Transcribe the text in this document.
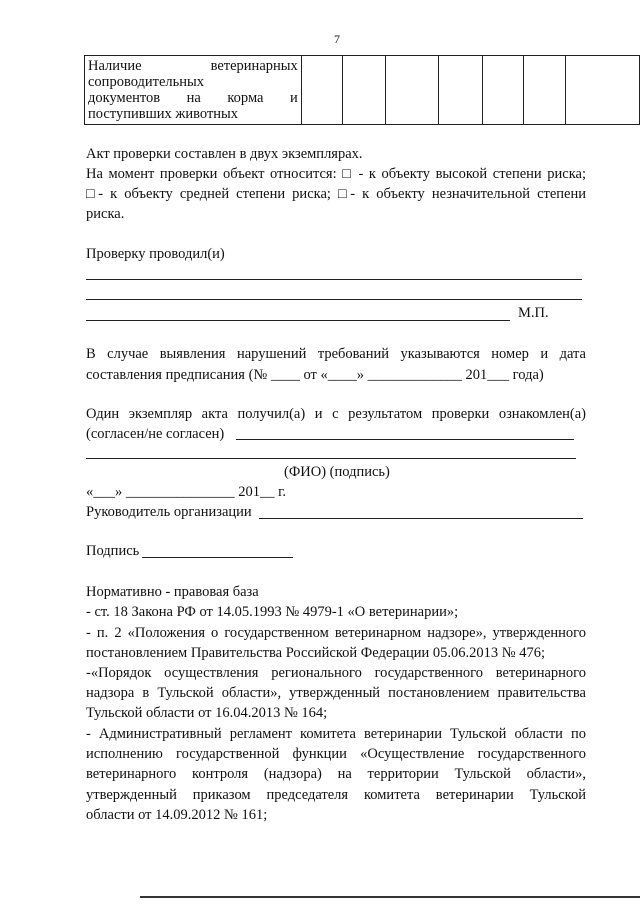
7
Наличие ветеринарных
сопроводительных
документов на корма и
поступивших животных

Акт проверки составлен в двух экземплярах.
На момент проверки объект относится: □ - к объекту высокой степени риска;
□- к объекту средней степени риска; □- к объекту незначительной степени
риска.
Проверку проводил(и)
М.П.
В случае выявления нарушений требований указываются номер и дата
составления предписания (№ ____ от «____» _____________ 201___ года)
Один экземпляр акта получил(а) и с результатом проверки ознакомлен(а)
(согласен/не согласен)
(ФИО) (подпись)
«___» _______________ 201__ г.
Руководитель организации
Подпись
Нормативно - правовая база
- ст. 18 Закона РФ от 14.05.1993 № 4979-1 «О ветеринарии»;
- п. 2 «Положения о государственном ветеринарном надзоре», утвержденного
постановлением Правительства Российской Федерации 05.06.2013 № 476;
-«Порядок осуществления регионального государственного ветеринарного
надзора в Тульской области», утвержденный постановлением правительства
Тульской области от 16.04.2013 № 164;
- Административный регламент комитета ветеринарии Тульской области по
исполнению государственной функции «Осуществление государственного
ветеринарного контроля (надзора) на территории Тульской области»,
утвержденный приказом председателя комитета ветеринарии Тульской
области от 14.09.2012 № 161;
